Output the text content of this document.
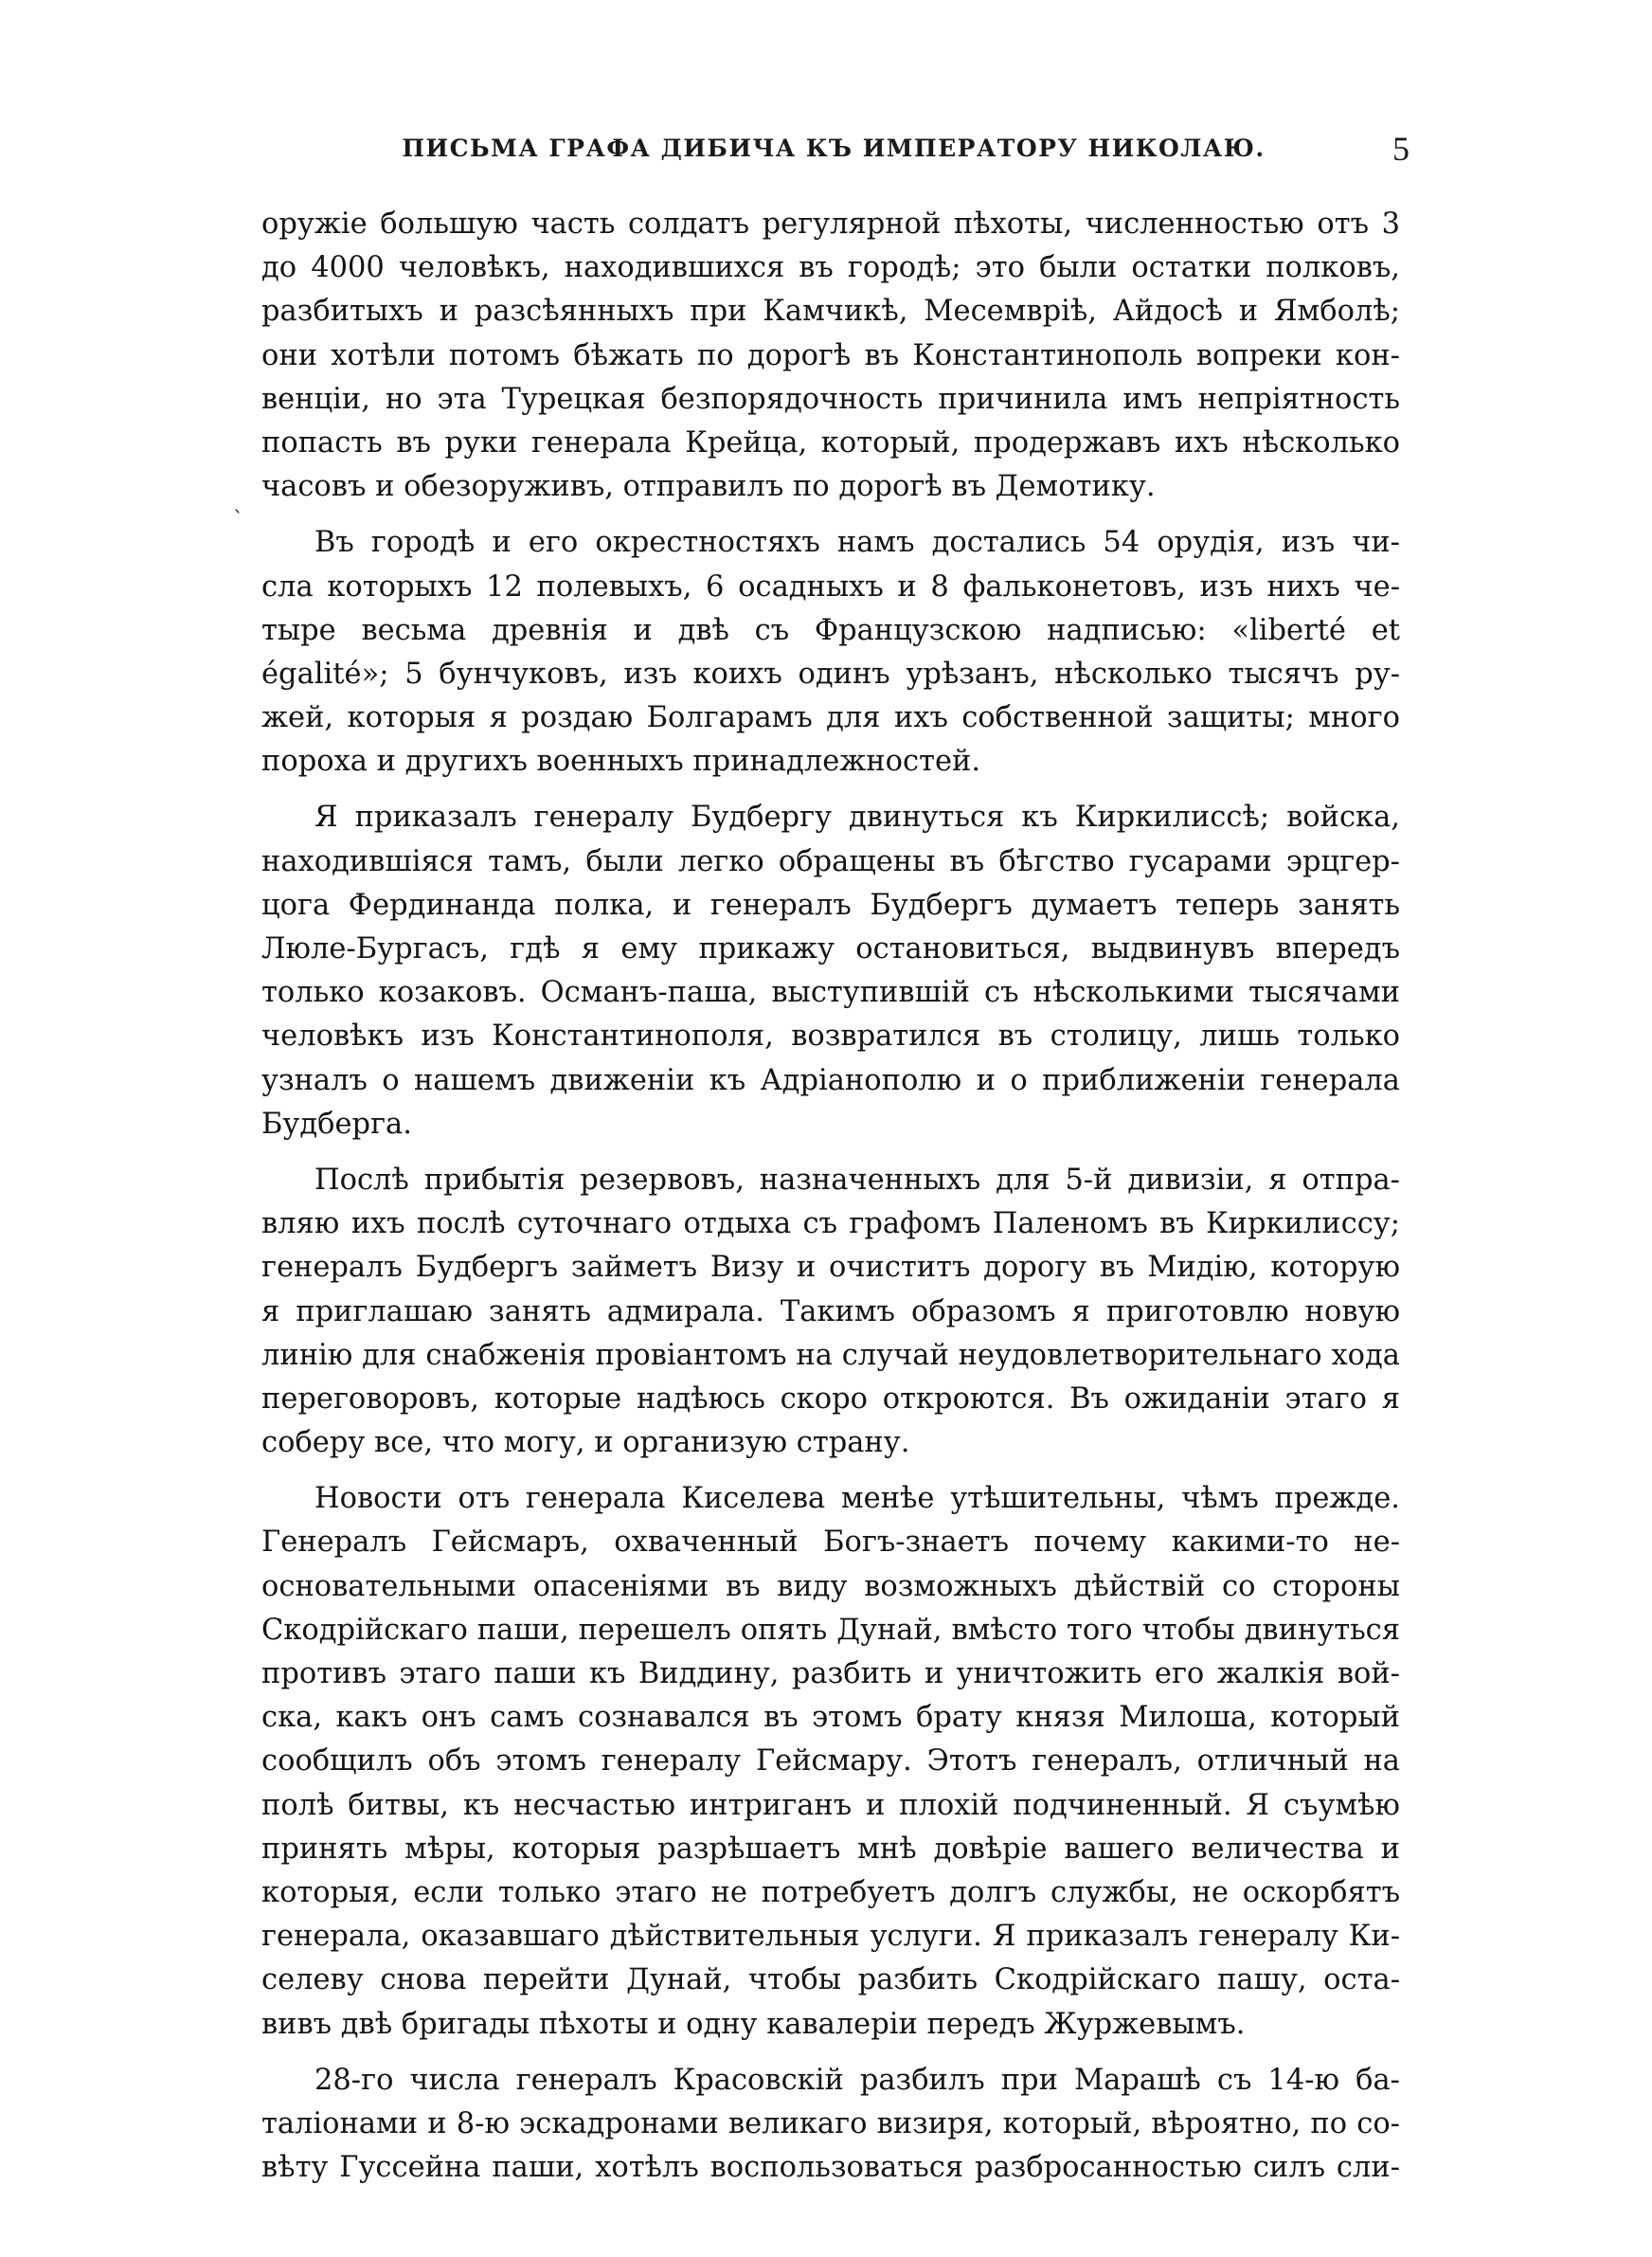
ПИСЬМА ГРАФА ДИБИЧА КЪ ИМПЕРАТОРУ НИКОЛАЮ.	5
оружіе большую часть солдатъ регулярной пѣхоты, численностью отъ 3
до 4000 человѣкъ, находившихся въ городѣ; это были остатки полковъ,
разбитыхъ и разсѣянныхъ при Камчикѣ, Месемвріѣ, Айдосѣ и Ямболѣ;
они хотѣли потомъ бѣжать по дорогѣ въ Константинополь вопреки кон-
венціи, но эта Турецкая безпорядочность причинила имъ непріятность
попасть въ руки генерала Крейца, который, продержавъ ихъ нѣсколько
часовъ и обезоруживъ, отправилъ по дорогѣ въ Демотику.
Въ городѣ и его окрестностяхъ намъ достались 54 орудія, изъ чи-
сла которыхъ 12 полевыхъ, 6 осадныхъ и 8 фальконетовъ, изъ нихъ че-
тыре весьма древнія и двѣ съ Французскою надписью: «liberté et
égalité»; 5 бунчуковъ, изъ коихъ одинъ урѣзанъ, нѣсколько тысячъ ру-
жей, которыя я роздаю Болгарамъ для ихъ собственной защиты; много
пороха и другихъ военныхъ принадлежностей.
Я приказалъ генералу Будбергу двинуться къ Киркилиссѣ; войска,
находившіяся тамъ, были легко обращены въ бѣгство гусарами эрцгер-
цога Фердинанда полка, и генералъ Будбергъ думаетъ теперь занять
Люле-Бургасъ, гдѣ я ему прикажу остановиться, выдвинувъ впередъ
только козаковъ. Османъ-паша, выступившій съ нѣсколькими тысячами
человѣкъ изъ Константинополя, возвратился въ столицу, лишь только
узналъ о нашемъ движеніи къ Адріанополю и о приближеніи генерала
Будберга.
Послѣ прибытія резервовъ, назначенныхъ для 5-й дивизіи, я отпра-
вляю ихъ послѣ суточнаго отдыха съ графомъ Паленомъ въ Киркилиссу;
генералъ Будбергъ займетъ Визу и очиститъ дорогу въ Мидію, которую
я приглашаю занять адмирала. Такимъ образомъ я приготовлю новую
линію для снабженія провіантомъ на случай неудовлетворительнаго хода
переговоровъ, которые надѣюсь скоро откроются. Въ ожиданіи этаго я
соберу все, что могу, и организую страну.
Новости отъ генерала Киселева менѣе утѣшительны, чѣмъ прежде.
Генералъ Гейсмаръ, охваченный Богъ-знаетъ почему какими-то не-
основательными опасеніями въ виду возможныхъ дѣйствій со стороны
Скодрійскаго паши, перешелъ опять Дунай, вмѣсто того чтобы двинуться
противъ этаго паши къ Виддину, разбить и уничтожить его жалкія вой-
ска, какъ онъ самъ сознавался въ этомъ брату князя Милоша, который
сообщилъ объ этомъ генералу Гейсмару. Этотъ генералъ, отличный на
полѣ битвы, къ несчастью интриганъ и плохій подчиненный. Я съумѣю
принять мѣры, которыя разрѣшаетъ мнѣ довѣріе вашего величества и
которыя, если только этаго не потребуетъ долгъ службы, не оскорбятъ
генерала, оказавшаго дѣйствительныя услуги. Я приказалъ генералу Ки-
селеву снова перейти Дунай, чтобы разбить Скодрійскаго пашу, оста-
вивъ двѣ бригады пѣхоты и одну кавалеріи передъ Журжевымъ.
28-го числа генералъ Красовскій разбилъ при Марашѣ съ 14-ю ба-
таліонами и 8-ю эскадронами великаго визиря, который, вѣроятно, по со-
вѣту Гуссейна паши, хотѣлъ воспользоваться разбросанностью силъ сли-
ˎ
